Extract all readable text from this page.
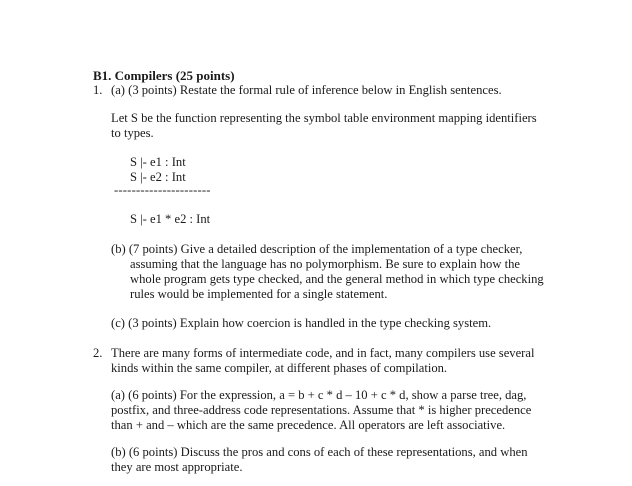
B1. Compilers (25 points)
1. (a) (3 points) Restate the formal rule of inference below in English sentences.
Let S be the function representing the symbol table environment mapping identifiers
to types.
S |- e1 : Int
S |- e2 : Int
----------------------
S |- e1 * e2 : Int
(b) (7 points) Give a detailed description of the implementation of a type checker,
assuming that the language has no polymorphism. Be sure to explain how the
whole program gets type checked, and the general method in which type checking
rules would be implemented for a single statement.
(c) (3 points) Explain how coercion is handled in the type checking system.
2. There are many forms of intermediate code, and in fact, many compilers use several
kinds within the same compiler, at different phases of compilation.
(a) (6 points) For the expression, a = b + c * d – 10 + c * d, show a parse tree, dag,
postfix, and three-address code representations. Assume that * is higher precedence
than + and – which are the same precedence. All operators are left associative.
(b) (6 points) Discuss the pros and cons of each of these representations, and when
they are most appropriate.
